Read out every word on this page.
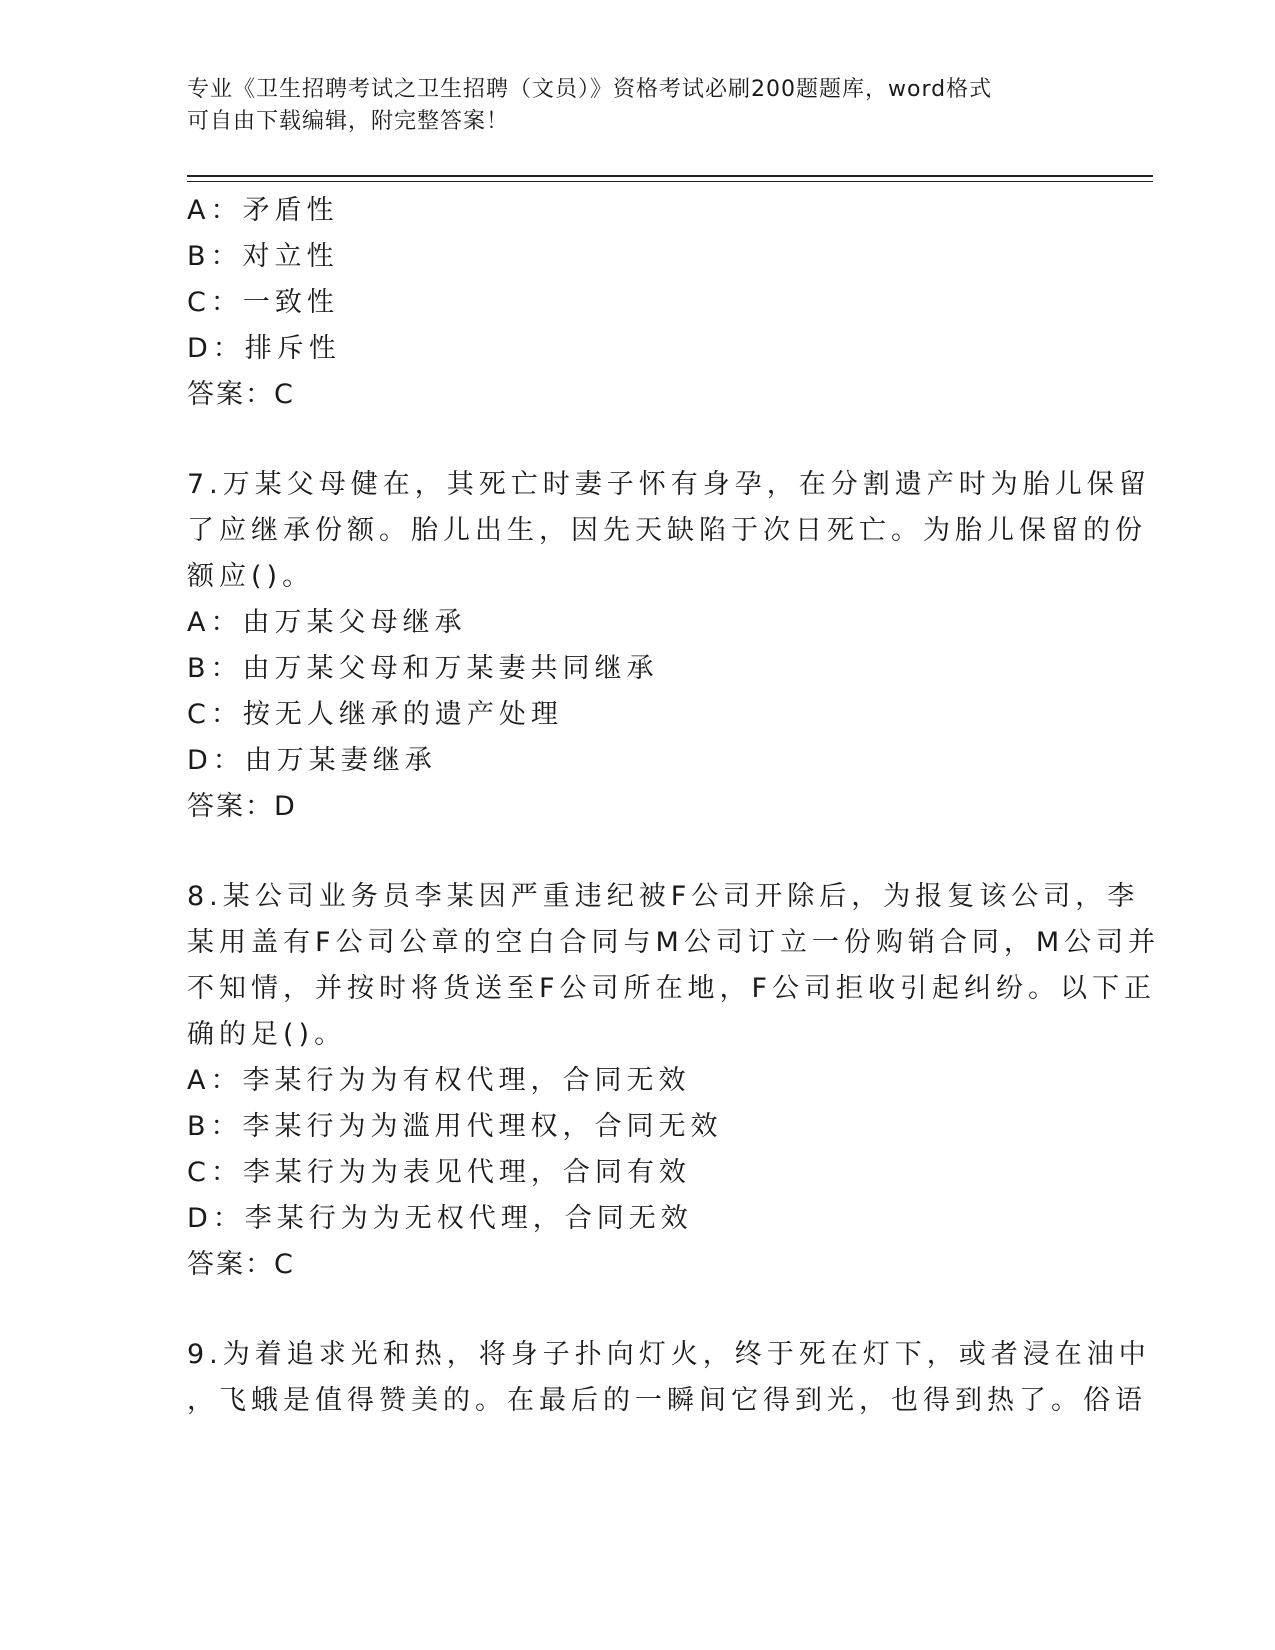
专业《卫生招聘考试之卫生招聘（文员）》资格考试必刷200题题库，word格式
可自由下载编辑，附完整答案！
A：矛盾性
B：对立性
C：一致性
D：排斥性
答案：C
7.万某父母健在，其死亡时妻子怀有身孕，在分割遗产时为胎儿保留
了应继承份额。胎儿出生，因先天缺陷于次日死亡。为胎儿保留的份
额应()。
A：由万某父母继承
B：由万某父母和万某妻共同继承
C：按无人继承的遗产处理
D：由万某妻继承
答案：D
8.某公司业务员李某因严重违纪被F公司开除后，为报复该公司，李
某用盖有F公司公章的空白合同与M公司订立一份购销合同，M公司并
不知情，并按时将货送至F公司所在地，F公司拒收引起纠纷。以下正
确的足()。
A：李某行为为有权代理，合同无效
B：李某行为为滥用代理权，合同无效
C：李某行为为表见代理，合同有效
D：李某行为为无权代理，合同无效
答案：C
9.为着追求光和热，将身子扑向灯火，终于死在灯下，或者浸在油中
，飞蛾是值得赞美的。在最后的一瞬间它得到光，也得到热了。俗语
